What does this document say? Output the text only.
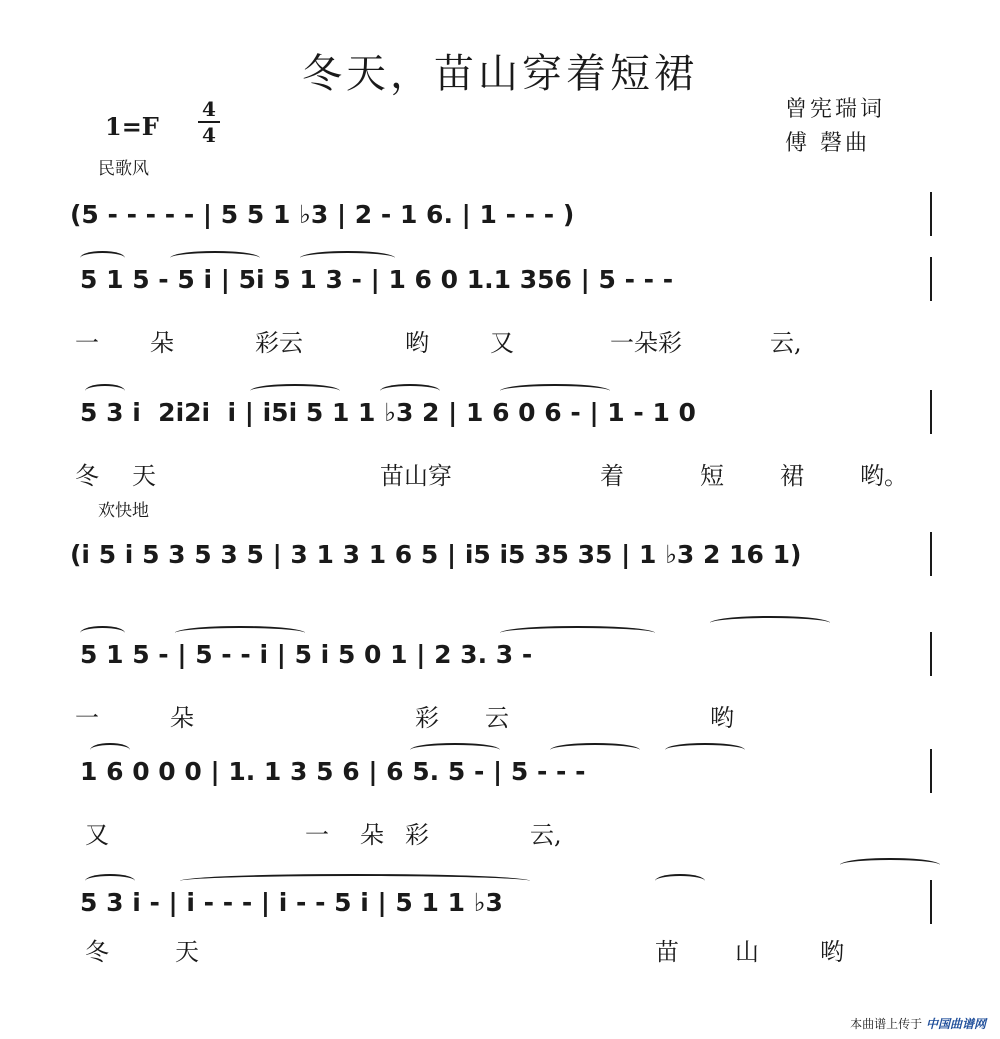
冬天，苗山穿着短裙
1=F
4
4
曾宪瑞词
傅 磬曲
民歌风
欢快地
(5 - - - - - | 5 5 1 ♭3 | 2 - 1 6. | 1 - - - )
5 1 5 - 5 i | 5i 5 1 3 - | 1 6 0 1.1 356 | 5 - - -
一 朵	彩云	哟	又	一朵彩	云,
5 3 i  2i2i  i | i5i 5 1 1 ♭3 2 | 1 6 0 6 - | 1 - 1 0
冬 天	苗山穿	着	短 裙 哟。
(i 5 i 5 3 5 3 5 | 3 1 3 1 6 5 | i5 i5 35 35 | 1 ♭3 2 16 1)
5 1 5 - | 5 - - i | 5 i 5 0 1 | 2 3. 3 -
一	朵	彩 云	哟
1 6 0 0 0 | 1. 1 3 5 6 | 6 5. 5 - | 5 - - -
又	一 朵 彩	云,
5 3 i - | i - - - | i - - 5 i | 5 1 1 ♭3
冬	天	苗 山	哟
本曲谱上传于 中国曲谱网
